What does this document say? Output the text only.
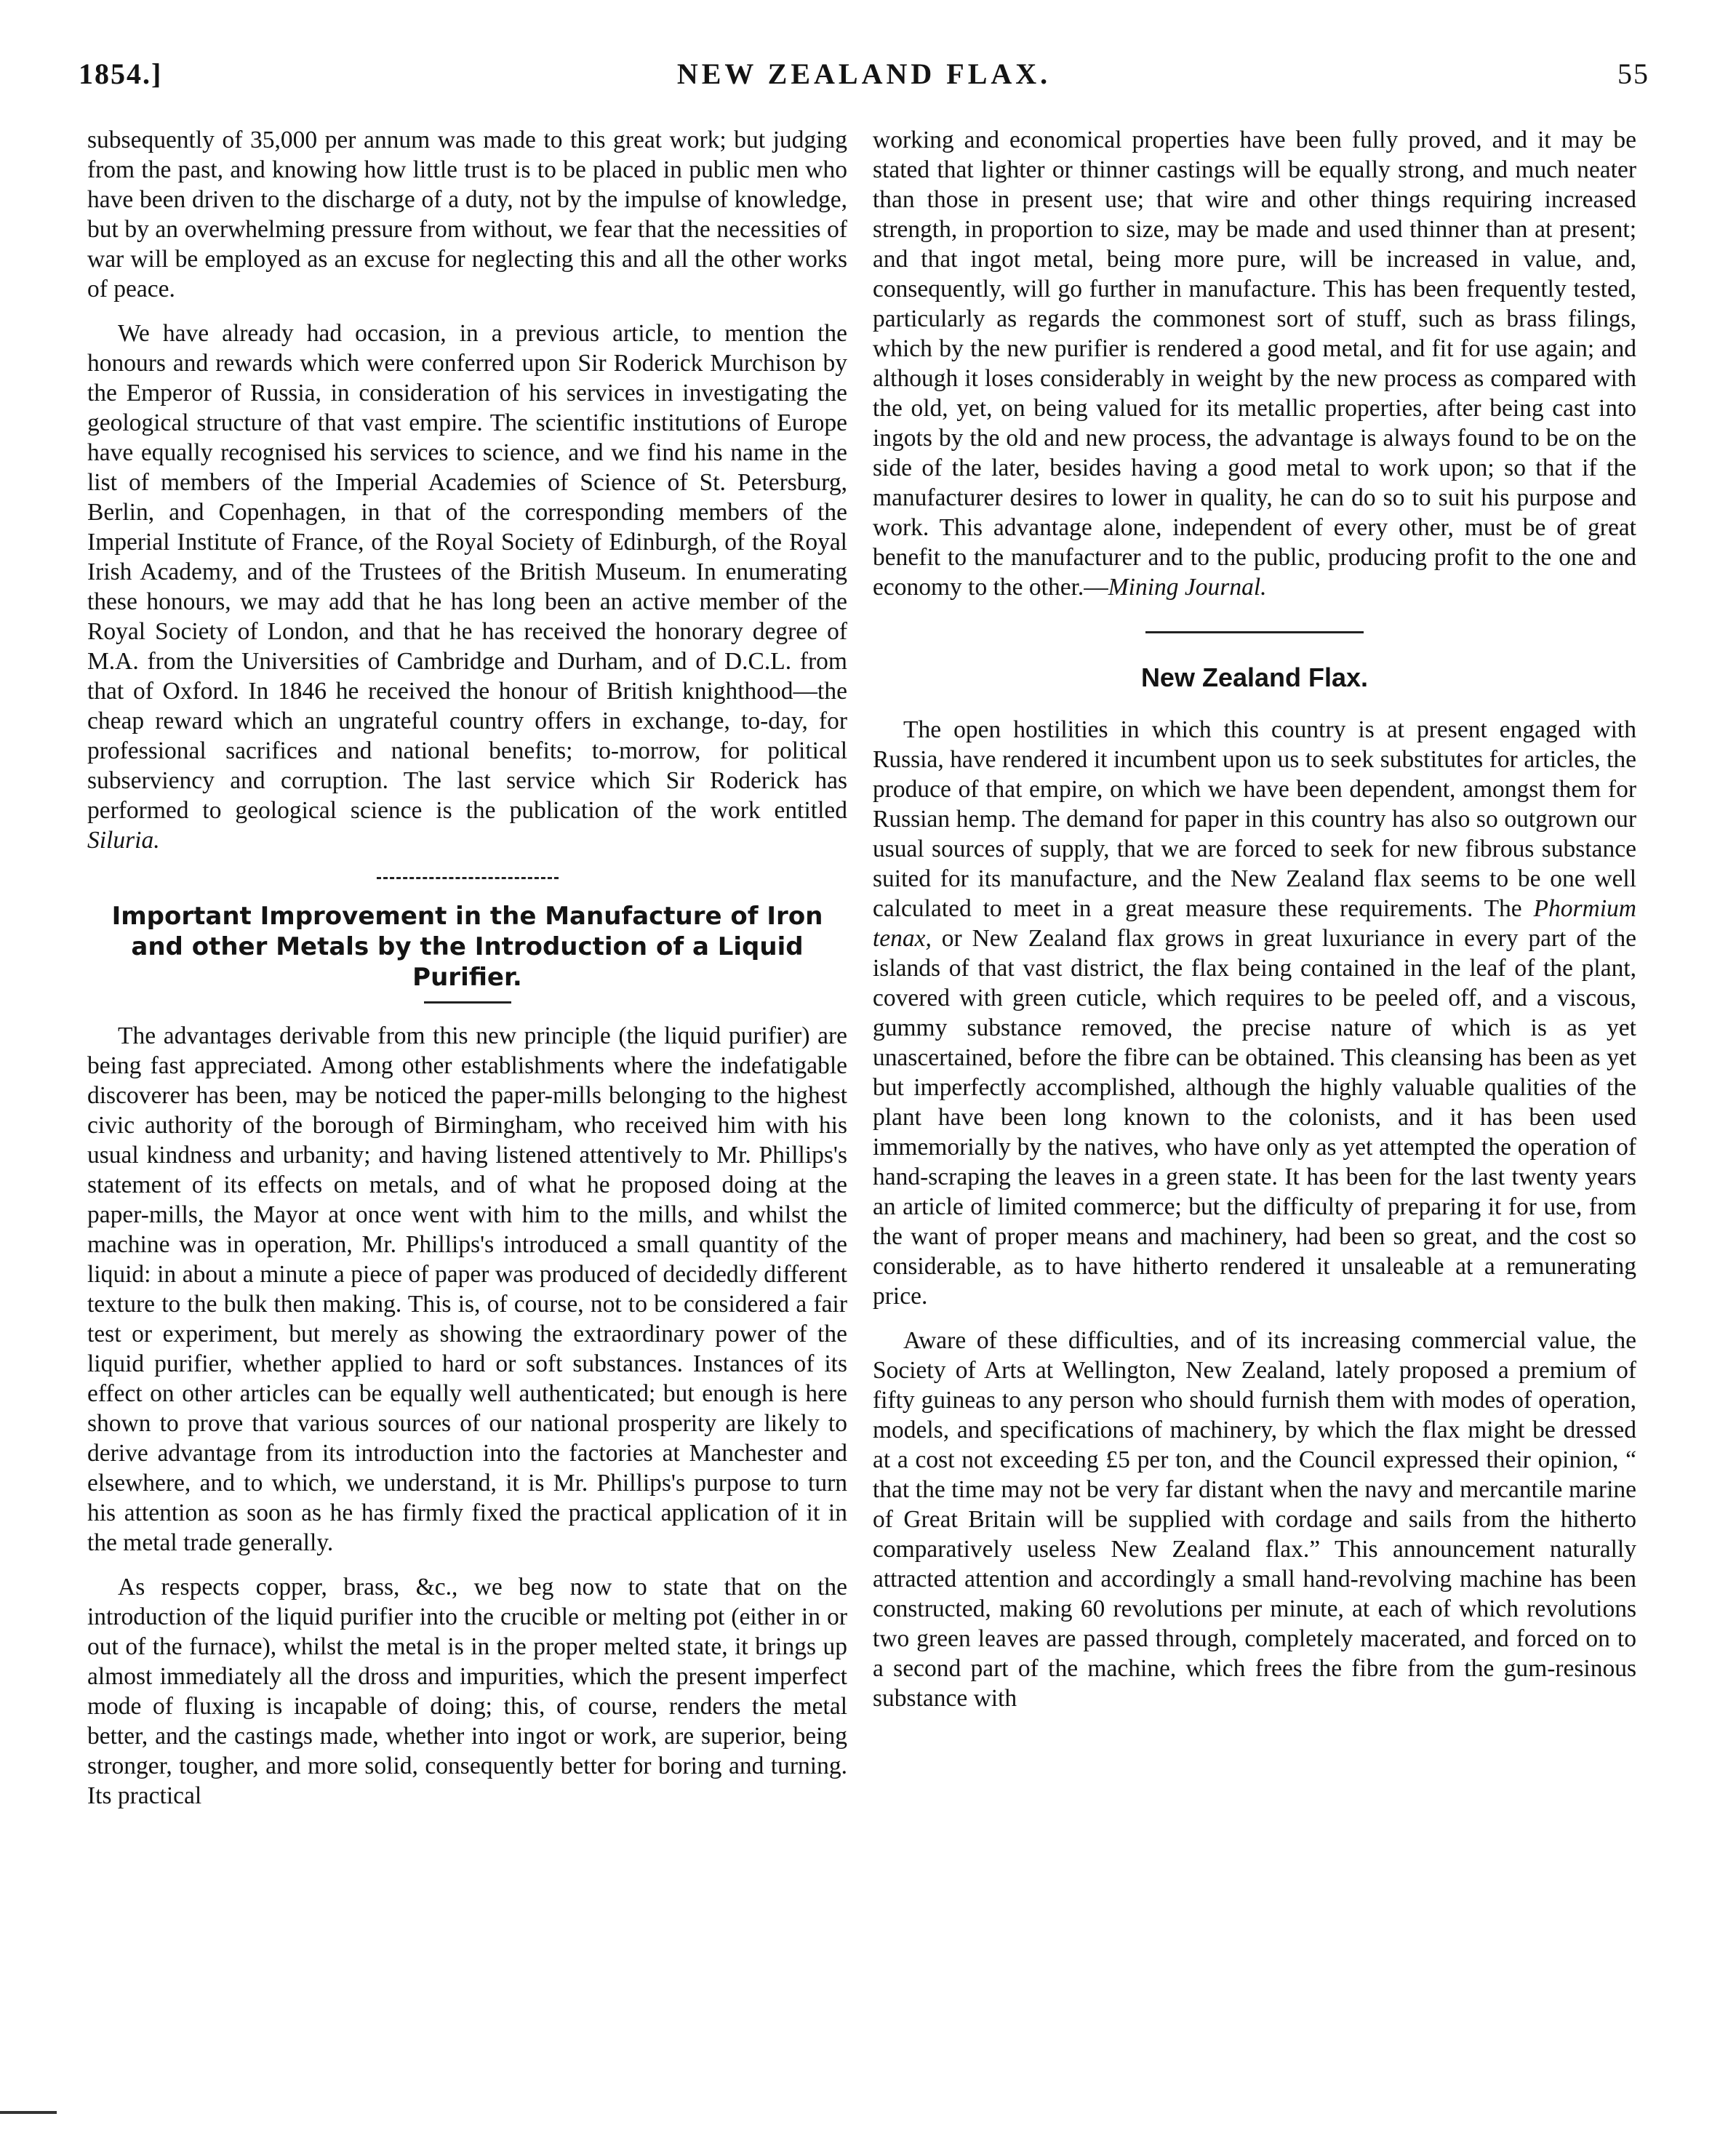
1854.]	NEW ZEALAND FLAX.	55

subsequently of 35,000 per annum was made to this great work; but judging from the past, and knowing how little trust is to be placed in public men who have been driven to the discharge of a duty, not by the impulse of knowledge, but by an overwhelming pressure from without, we fear that the necessities of war will be employed as an excuse for neglecting this and all the other works of peace.

We have already had occasion, in a previous article, to mention the honours and rewards which were conferred upon Sir Roderick Murchison by the Emperor of Russia, in consideration of his services in investigating the geological structure of that vast empire. The scientific institutions of Europe have equally recognised his services to science, and we find his name in the list of members of the Imperial Academies of Science of St. Petersburg, Berlin, and Copenhagen, in that of the corresponding members of the Imperial Institute of France, of the Royal Society of Edinburgh, of the Royal Irish Academy, and of the Trustees of the British Museum. In enumerating these honours, we may add that he has long been an active member of the Royal Society of London, and that he has received the honorary degree of M.A. from the Universities of Cambridge and Durham, and of D.C.L. from that of Oxford. In 1846 he received the honour of British knighthood—the cheap reward which an ungrateful country offers in exchange, to-day, for professional sacrifices and national benefits; to-morrow, for political subserviency and corruption. The last service which Sir Roderick has performed to geological science is the publication of the work entitled Siluria.

Important Improvement in the Manufacture of Iron and other Metals by the Introduction of a Liquid Purifier.

The advantages derivable from this new principle (the liquid purifier) are being fast appreciated. Among other establishments where the indefatigable discoverer has been, may be noticed the paper-mills belonging to the highest civic authority of the borough of Birmingham, who received him with his usual kindness and urbanity; and having listened attentively to Mr. Phillips's statement of its effects on metals, and of what he proposed doing at the paper-mills, the Mayor at once went with him to the mills, and whilst the machine was in operation, Mr. Phillips's introduced a small quantity of the liquid: in about a minute a piece of paper was produced of decidedly different texture to the bulk then making. This is, of course, not to be considered a fair test or experiment, but merely as showing the extraordinary power of the liquid purifier, whether applied to hard or soft substances. Instances of its effect on other articles can be equally well authenticated; but enough is here shown to prove that various sources of our national prosperity are likely to derive advantage from its introduction into the factories at Manchester and elsewhere, and to which, we understand, it is Mr. Phillips's purpose to turn his attention as soon as he has firmly fixed the practical application of it in the metal trade generally.

As respects copper, brass, &c., we beg now to state that on the introduction of the liquid purifier into the crucible or melting pot (either in or out of the furnace), whilst the metal is in the proper melted state, it brings up almost immediately all the dross and impurities, which the present imperfect mode of fluxing is incapable of doing; this, of course, renders the metal better, and the castings made, whether into ingot or work, are superior, being stronger, tougher, and more solid, consequently better for boring and turning. Its practical

working and economical properties have been fully proved, and it may be stated that lighter or thinner castings will be equally strong, and much neater than those in present use; that wire and other things requiring increased strength, in proportion to size, may be made and used thinner than at present; and that ingot metal, being more pure, will be increased in value, and, consequently, will go further in manufacture. This has been frequently tested, particularly as regards the commonest sort of stuff, such as brass filings, which by the new purifier is rendered a good metal, and fit for use again; and although it loses considerably in weight by the new process as compared with the old, yet, on being valued for its metallic properties, after being cast into ingots by the old and new process, the advantage is always found to be on the side of the later, besides having a good metal to work upon; so that if the manufacturer desires to lower in quality, he can do so to suit his purpose and work. This advantage alone, independent of every other, must be of great benefit to the manufacturer and to the public, producing profit to the one and economy to the other.—Mining Journal.

New Zealand Flax.

The open hostilities in which this country is at present engaged with Russia, have rendered it incumbent upon us to seek substitutes for articles, the produce of that empire, on which we have been dependent, amongst them for Russian hemp. The demand for paper in this country has also so outgrown our usual sources of supply, that we are forced to seek for new fibrous substance suited for its manufacture, and the New Zealand flax seems to be one well calculated to meet in a great measure these requirements. The Phormium tenax, or New Zealand flax grows in great luxuriance in every part of the islands of that vast district, the flax being contained in the leaf of the plant, covered with green cuticle, which requires to be peeled off, and a viscous, gummy substance removed, the precise nature of which is as yet unascertained, before the fibre can be obtained. This cleansing has been as yet but imperfectly accomplished, although the highly valuable qualities of the plant have been long known to the colonists, and it has been used immemorially by the natives, who have only as yet attempted the operation of hand-scraping the leaves in a green state. It has been for the last twenty years an article of limited commerce; but the difficulty of preparing it for use, from the want of proper means and machinery, had been so great, and the cost so considerable, as to have hitherto rendered it unsaleable at a remunerating price.

Aware of these difficulties, and of its increasing commercial value, the Society of Arts at Wellington, New Zealand, lately proposed a premium of fifty guineas to any person who should furnish them with modes of operation, models, and specifications of machinery, by which the flax might be dressed at a cost not exceeding £5 per ton, and the Council expressed their opinion, “ that the time may not be very far distant when the navy and mercantile marine of Great Britain will be supplied with cordage and sails from the hitherto comparatively useless New Zealand flax.” This announcement naturally attracted attention and accordingly a small hand-revolving machine has been constructed, making 60 revolutions per minute, at each of which revolutions two green leaves are passed through, completely macerated, and forced on to a second part of the machine, which frees the fibre from the gum-resinous substance with
